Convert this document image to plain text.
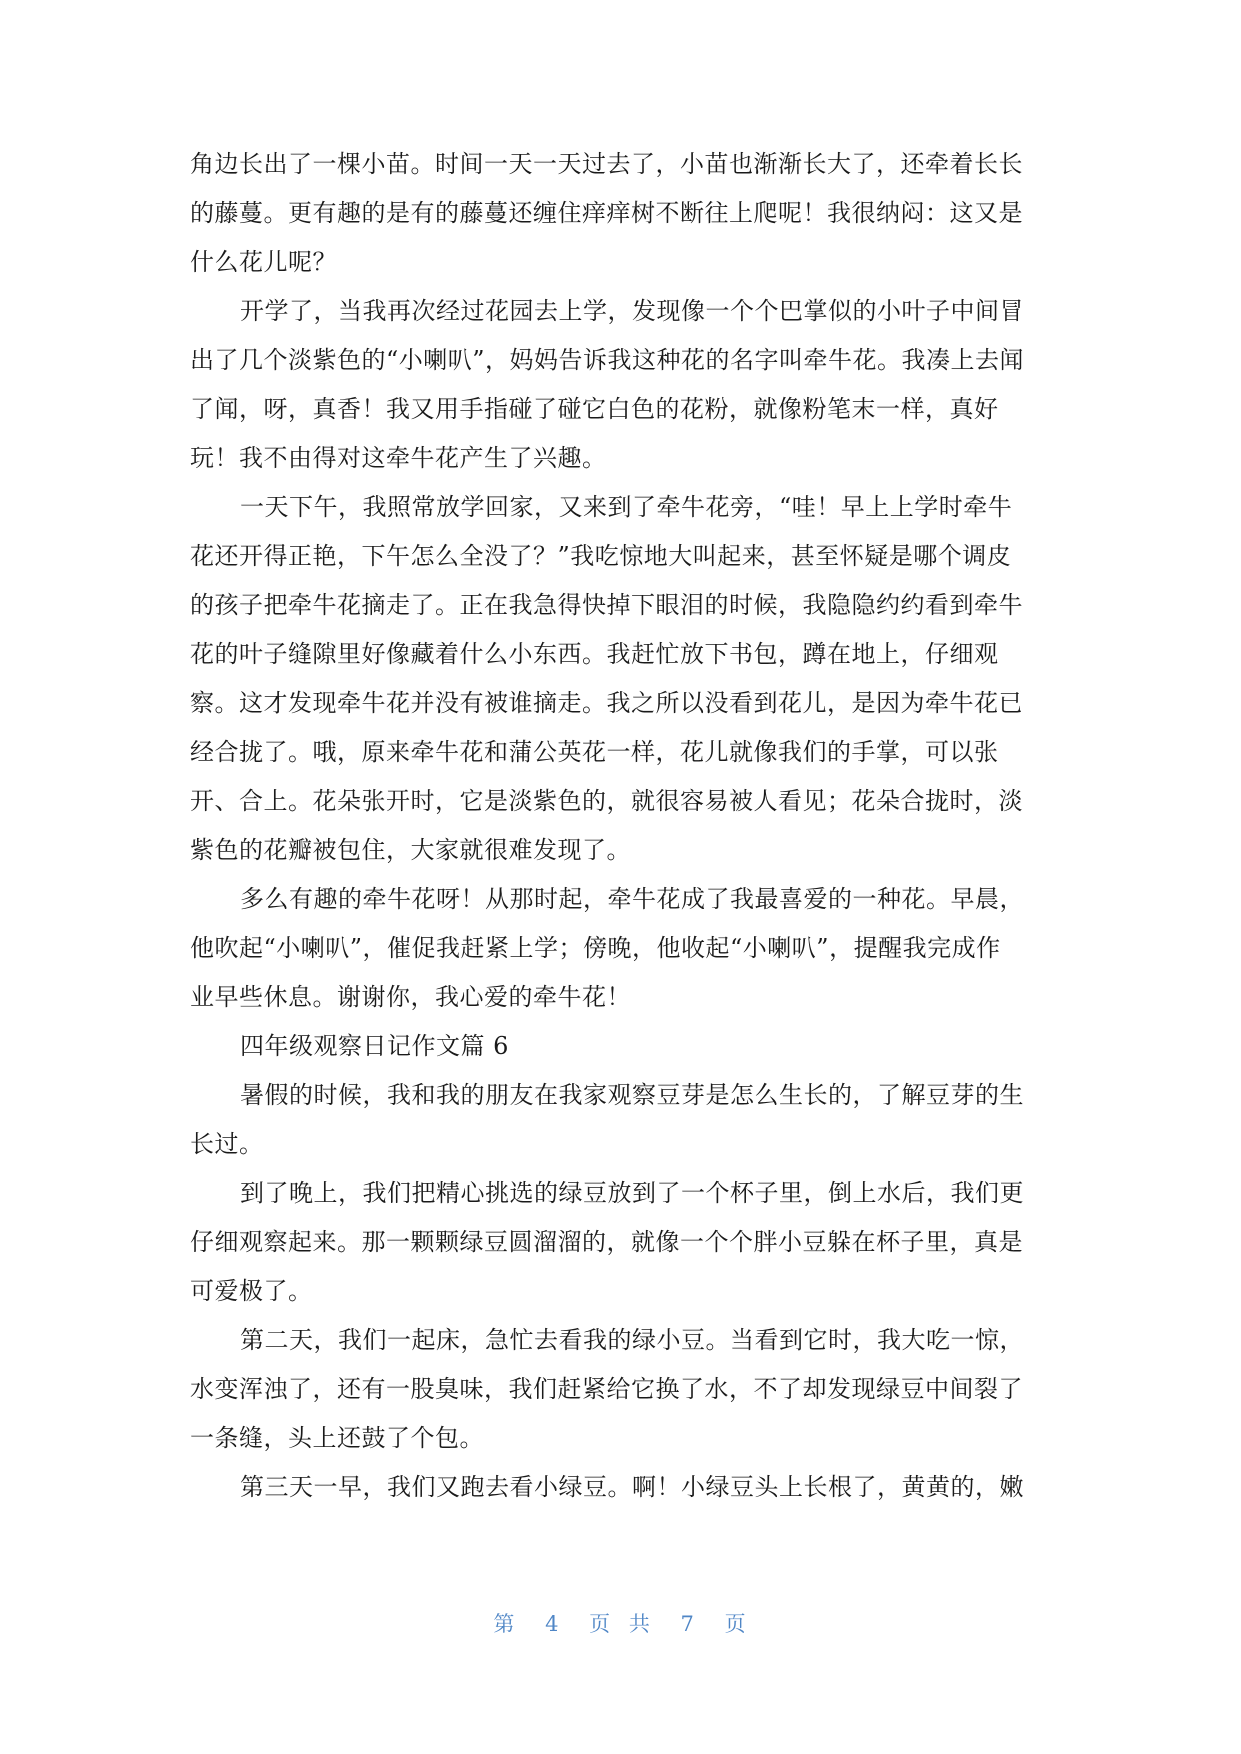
角边长出了一棵小苗。时间一天一天过去了，小苗也渐渐长大了，还牵着长长
的藤蔓。更有趣的是有的藤蔓还缠住痒痒树不断往上爬呢！我很纳闷：这又是
什么花儿呢？
开学了，当我再次经过花园去上学，发现像一个个巴掌似的小叶子中间冒
出了几个淡紫色的“小喇叭”，妈妈告诉我这种花的名字叫牵牛花。我凑上去闻
了闻，呀，真香！我又用手指碰了碰它白色的花粉，就像粉笔末一样，真好
玩！我不由得对这牵牛花产生了兴趣。
一天下午，我照常放学回家，又来到了牵牛花旁，“哇！早上上学时牵牛
花还开得正艳，下午怎么全没了？”我吃惊地大叫起来，甚至怀疑是哪个调皮
的孩子把牵牛花摘走了。正在我急得快掉下眼泪的时候，我隐隐约约看到牵牛
花的叶子缝隙里好像藏着什么小东西。我赶忙放下书包，蹲在地上，仔细观
察。这才发现牵牛花并没有被谁摘走。我之所以没看到花儿，是因为牵牛花已
经合拢了。哦，原来牵牛花和蒲公英花一样，花儿就像我们的手掌，可以张
开、合上。花朵张开时，它是淡紫色的，就很容易被人看见；花朵合拢时，淡
紫色的花瓣被包住，大家就很难发现了。
多么有趣的牵牛花呀！从那时起，牵牛花成了我最喜爱的一种花。早晨，
他吹起“小喇叭”，催促我赶紧上学；傍晚，他收起“小喇叭”，提醒我完成作
业早些休息。谢谢你，我心爱的牵牛花！
四年级观察日记作文篇 6
暑假的时候，我和我的朋友在我家观察豆芽是怎么生长的，了解豆芽的生
长过。
到了晚上，我们把精心挑选的绿豆放到了一个杯子里，倒上水后，我们更
仔细观察起来。那一颗颗绿豆圆溜溜的，就像一个个胖小豆躲在杯子里，真是
可爱极了。
第二天，我们一起床，急忙去看我的绿小豆。当看到它时，我大吃一惊，
水变浑浊了，还有一股臭味，我们赶紧给它换了水，不了却发现绿豆中间裂了
一条缝，头上还鼓了个包。
第三天一早，我们又跑去看小绿豆。啊！小绿豆头上长根了，黄黄的，嫩
第 4 页 共 7 页
